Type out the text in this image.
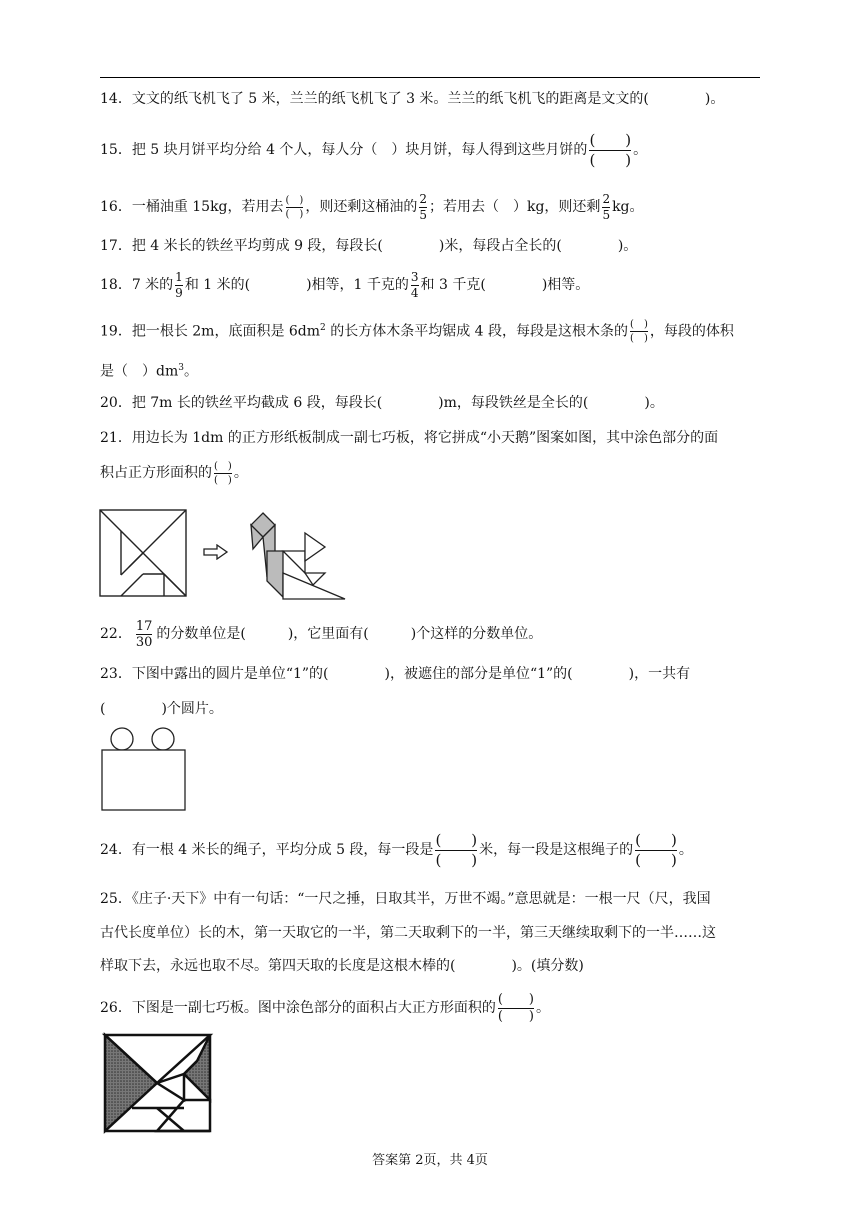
14．文文的纸飞机飞了 5 米，兰兰的纸飞机飞了 3 米。兰兰的纸飞机飞的距离是文文的(　　　　)。
15．把 5 块月饼平均分给 4 个人，每人分（　）块月饼，每人得到这些月饼的 $\frac{( )}{( )}$ 。
16．一桶油重 15kg，若用去 $\frac{( )}{( )}$ ，则还剩这桶油的 $\frac{2}{5}$ ；若用去（　）kg，则还剩 $\frac{2}{5}$ kg。
17．把 4 米长的铁丝平均剪成 9 段，每段长(　　　　)米，每段占全长的(　　　　)。
18．7 米的 $\frac{1}{9}$ 和 1 米的(　　　　)相等，1 千克的 $\frac{3}{4}$ 和 3 千克(　　　　)相等。
19．把一根长 2m，底面积是 $6dm^2$ 的长方体木条平均锯成 4 段，每段是这根木条的 $\frac{( )}{( )}$ ，每段的体积
是（　）$dm^3$。
20．把 7m 长的铁丝平均截成 6 段，每段长(　　　　)m，每段铁丝是全长的(　　　　)。
21．用边长为 1dm 的正方形纸板制成一副七巧板，将它拼成“小天鹅”图案如图，其中涂色部分的面
积占正方形面积的 $\frac{( )}{( )}$ 。
22． $\frac{17}{30}$ 的分数单位是(　　　)，它里面有(　　　)个这样的分数单位。
23．下图中露出的圆片是单位“1”的(　　　　)，被遮住的部分是单位“1”的(　　　　)，一共有
(　　　　)个圆片。
24．有一根 4 米长的绳子，平均分成 5 段，每一段是 $\frac{( )}{( )}$ 米，每一段是这根绳子的 $\frac{( )}{( )}$ 。
25．《庄子·天下》中有一句话：“一尺之捶，日取其半，万世不竭。”意思就是：一根一尺（尺，我国
古代长度单位）长的木，第一天取它的一半，第二天取剩下的一半，第三天继续取剩下的一半……这
样取下去，永远也取不尽。第四天取的长度是这根木棒的(　　　　)。(填分数)
26．下图是一副七巧板。图中涂色部分的面积占大正方形面积的 $\frac{( )}{( )}$ 。
答案第 2页，共 4页
